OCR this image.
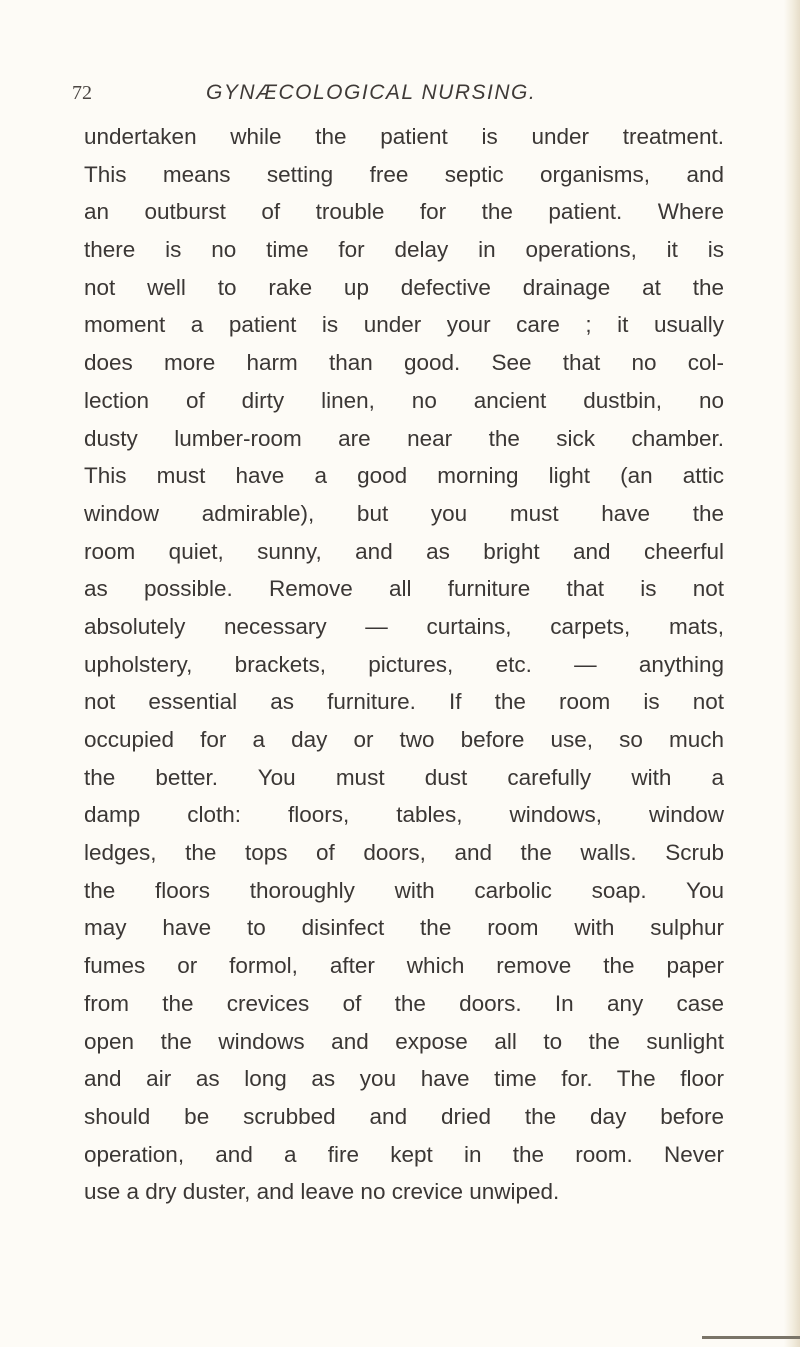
72	GYNÆCOLOGICAL NURSING.
undertaken while the patient is under treatment.
This means setting free septic organisms, and
an outburst of trouble for the patient. Where
there is no time for delay in operations, it is
not well to rake up defective drainage at the
moment a patient is under your care ; it usually
does more harm than good. See that no col-
lection of dirty linen, no ancient dustbin, no
dusty lumber-room are near the sick chamber.
This must have a good morning light (an attic
window admirable), but you must have the
room quiet, sunny, and as bright and cheerful
as possible. Remove all furniture that is not
absolutely necessary — curtains, carpets, mats,
upholstery, brackets, pictures, etc. — anything
not essential as furniture. If the room is not
occupied for a day or two before use, so much
the better. You must dust carefully with a
damp cloth: floors, tables, windows, window
ledges, the tops of doors, and the walls. Scrub
the floors thoroughly with carbolic soap. You
may have to disinfect the room with sulphur
fumes or formol, after which remove the paper
from the crevices of the doors. In any case
open the windows and expose all to the sunlight
and air as long as you have time for. The floor
should be scrubbed and dried the day before
operation, and a fire kept in the room. Never
use a dry duster, and leave no crevice unwiped.
